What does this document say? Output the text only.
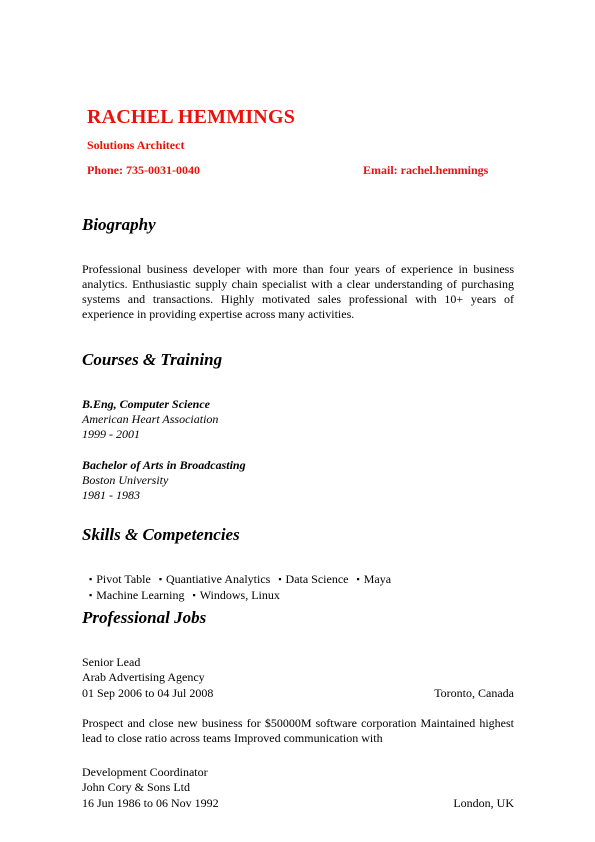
RACHEL HEMMINGS
Solutions Architect
Phone: 735-0031-0040	Email: rachel.hemmings
Biography
Professional business developer with more than four years of experience in business analytics. Enthusiastic supply chain specialist with a clear understanding of purchasing systems and transactions. Highly motivated sales professional with 10+ years of experience in providing expertise across many activities.
Courses & Training
B.Eng, Computer Science
American Heart Association
1999 - 2001
Bachelor of Arts in Broadcasting
Boston University
1981 - 1983
Skills & Competencies
▪ Pivot Table ▪ Quantiative Analytics ▪ Data Science ▪ Maya
▪ Machine Learning ▪ Windows, Linux
Professional Jobs
Senior Lead
Arab Advertising Agency
01 Sep 2006 to 04 Jul 2008	Toronto, Canada
Prospect and close new business for $50000M software corporation Maintained highest lead to close ratio across teams Improved communication with
Development Coordinator
John Cory & Sons Ltd
16 Jun 1986 to 06 Nov 1992	London, UK
